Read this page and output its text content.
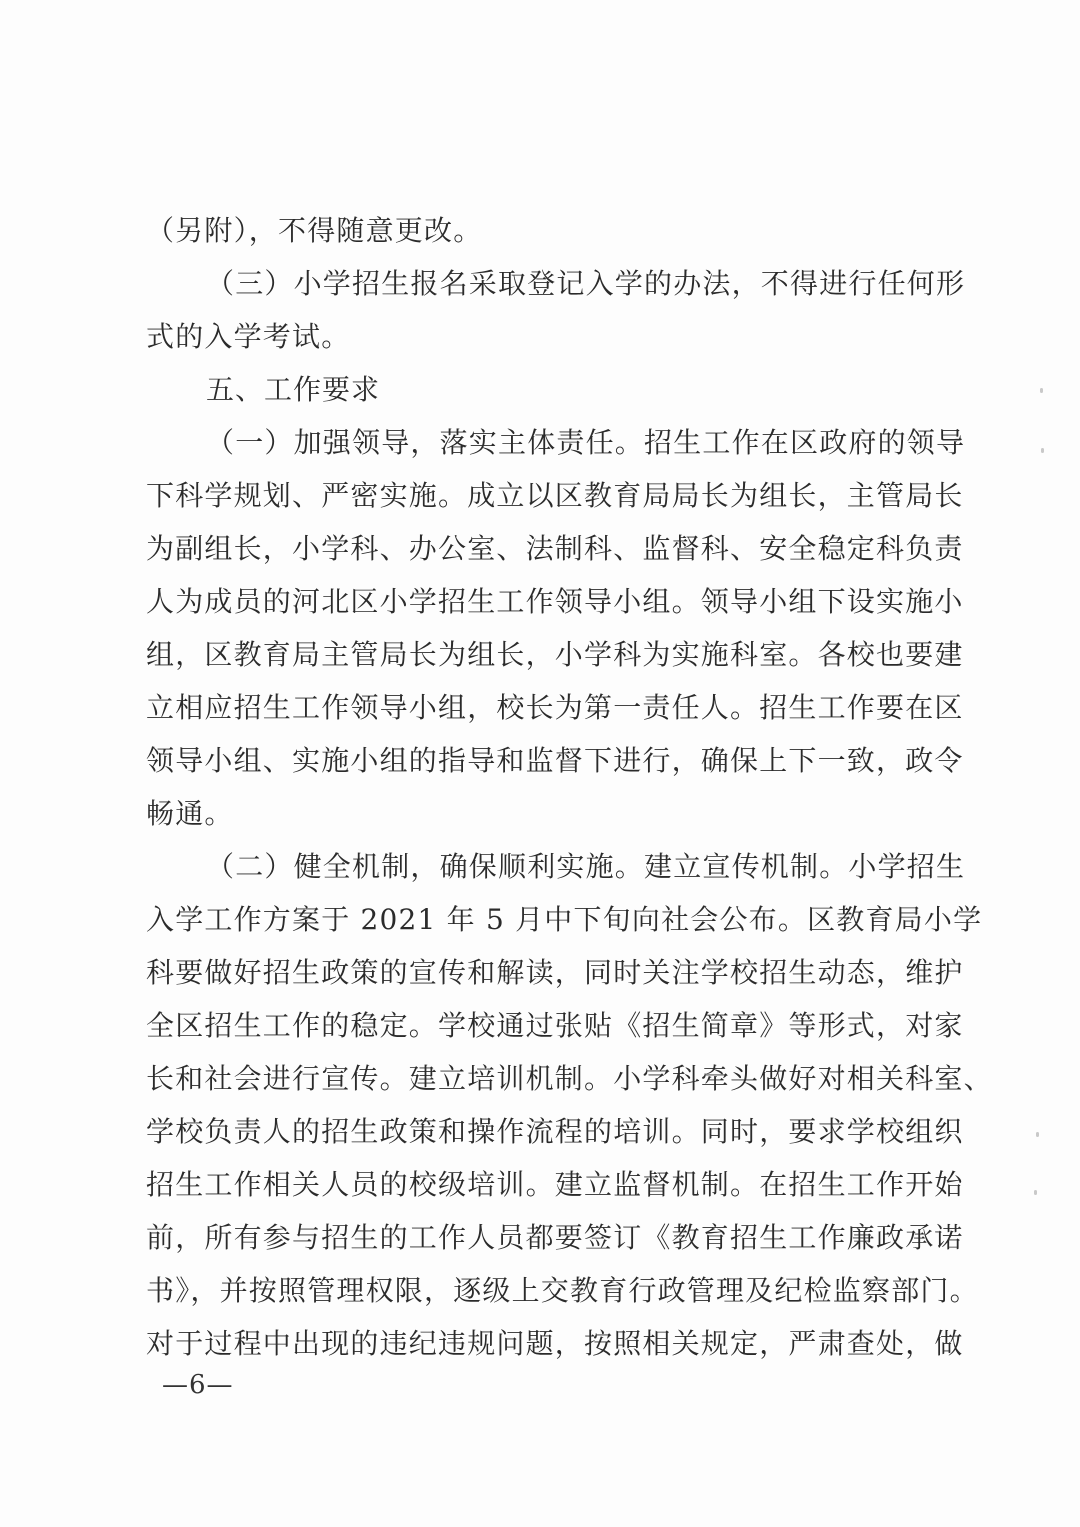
（另附），不得随意更改。
（三）小学招生报名采取登记入学的办法，不得进行任何形
式的入学考试。
五、工作要求
（一）加强领导，落实主体责任。招生工作在区政府的领导
下科学规划、严密实施。成立以区教育局局长为组长，主管局长
为副组长，小学科、办公室、法制科、监督科、安全稳定科负责
人为成员的河北区小学招生工作领导小组。领导小组下设实施小
组，区教育局主管局长为组长，小学科为实施科室。各校也要建
立相应招生工作领导小组，校长为第一责任人。招生工作要在区
领导小组、实施小组的指导和监督下进行，确保上下一致，政令
畅通。
（二）健全机制，确保顺利实施。建立宣传机制。小学招生
入学工作方案于 2021 年 5 月中下旬向社会公布。区教育局小学
科要做好招生政策的宣传和解读，同时关注学校招生动态，维护
全区招生工作的稳定。学校通过张贴《招生简章》等形式，对家
长和社会进行宣传。建立培训机制。小学科牵头做好对相关科室、
学校负责人的招生政策和操作流程的培训。同时，要求学校组织
招生工作相关人员的校级培训。建立监督机制。在招生工作开始
前，所有参与招生的工作人员都要签订《教育招生工作廉政承诺
书》，并按照管理权限，逐级上交教育行政管理及纪检监察部门。
对于过程中出现的违纪违规问题，按照相关规定，严肃查处，做
—6—
